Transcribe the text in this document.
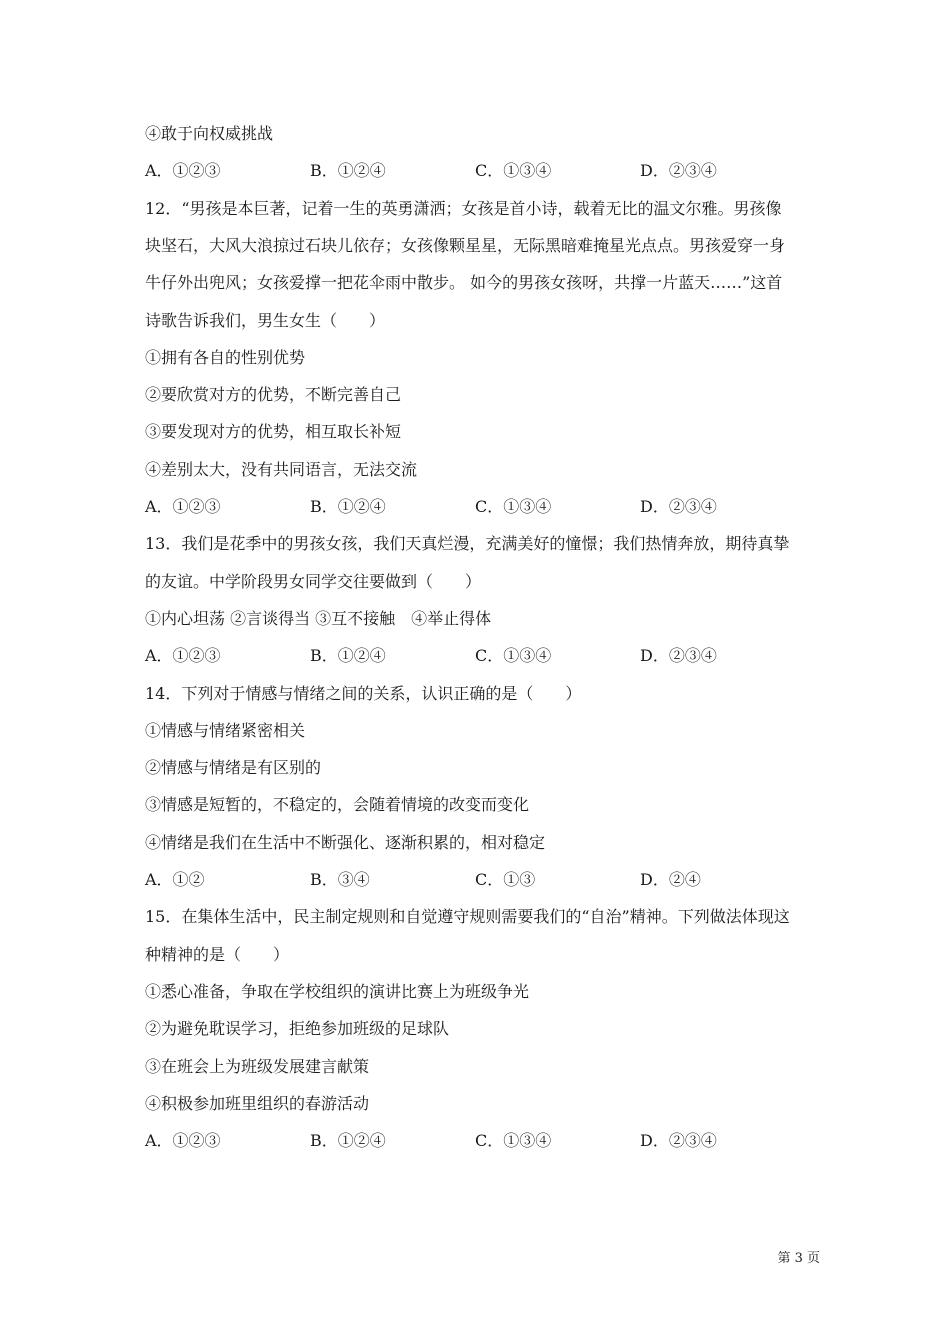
④敢于向权威挑战
A．①②③	B．①②④	C．①③④	D．②③④
12．“男孩是本巨著，记着一生的英勇潇洒；女孩是首小诗，载着无比的温文尔雅。男孩像
块坚石，大风大浪掠过石块儿依存；女孩像颗星星，无际黑暗难掩星光点点。男孩爱穿一身
牛仔外出兜风；女孩爱撑一把花伞雨中散步。 如今的男孩女孩呀，共撑一片蓝天……”这首
诗歌告诉我们，男生女生（　　）
①拥有各自的性别优势
②要欣赏对方的优势，不断完善自己
③要发现对方的优势，相互取长补短
④差别太大，没有共同语言，无法交流
A．①②③	B．①②④	C．①③④	D．②③④
13．我们是花季中的男孩女孩，我们天真烂漫，充满美好的憧憬；我们热情奔放，期待真挚
的友谊。中学阶段男女同学交往要做到（　　）
①内心坦荡 ②言谈得当 ③互不接触　④举止得体
A．①②③	B．①②④	C．①③④	D．②③④
14．下列对于情感与情绪之间的关系，认识正确的是（　　）
①情感与情绪紧密相关
②情感与情绪是有区别的
③情感是短暂的，不稳定的，会随着情境的改变而变化
④情绪是我们在生活中不断强化、逐渐积累的，相对稳定
A．①②	B．③④	C．①③	D．②④
15．在集体生活中，民主制定规则和自觉遵守规则需要我们的“自治”精神。下列做法体现这
种精神的是（　　）
①悉心准备，争取在学校组织的演讲比赛上为班级争光
②为避免耽误学习，拒绝参加班级的足球队
③在班会上为班级发展建言献策
④积极参加班里组织的春游活动
A．①②③	B．①②④	C．①③④	D．②③④
第 3 页
